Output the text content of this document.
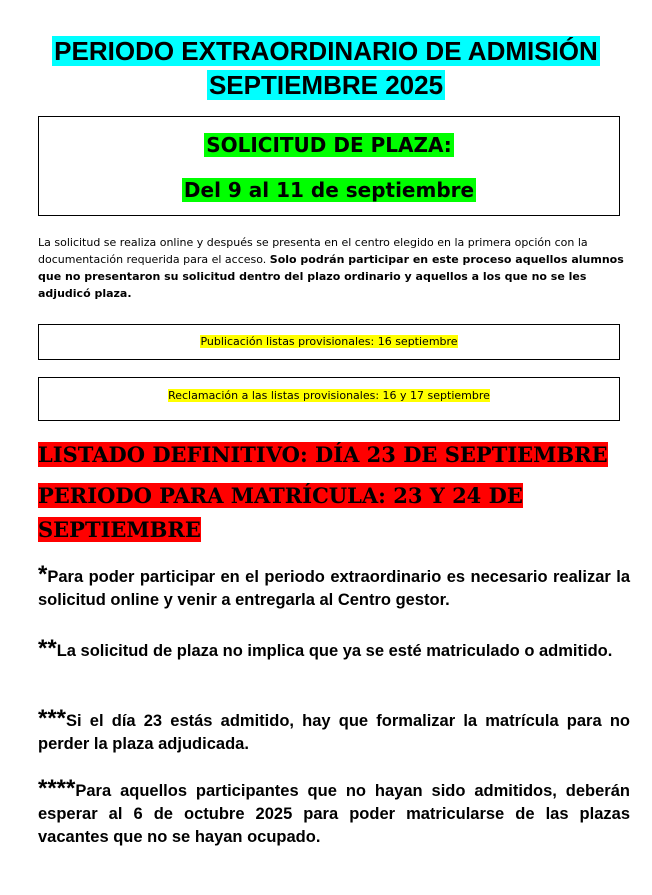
PERIODO EXTRAORDINARIO DE ADMISIÓN
SEPTIEMBRE 2025
SOLICITUD DE PLAZA:
Del 9 al 11 de septiembre
La solicitud se realiza online y después se presenta en el centro elegido en la primera opción con la documentación requerida para el acceso. Solo podrán participar en este proceso aquellos alumnos que no presentaron su solicitud dentro del plazo ordinario y aquellos a los que no se les adjudicó plaza.
Publicación listas provisionales: 16 septiembre
Reclamación a las listas provisionales: 16 y 17 septiembre
LISTADO DEFINITIVO: DÍA 23 DE SEPTIEMBRE
PERIODO PARA MATRÍCULA: 23 Y 24 DE
SEPTIEMBRE
*Para poder participar en el periodo extraordinario es necesario realizar la solicitud online y venir a entregarla al Centro gestor.
**La solicitud de plaza no implica que ya se esté matriculado o admitido.
***Si el día 23 estás admitido, hay que formalizar la matrícula para no perder la plaza adjudicada.
****Para aquellos participantes que no hayan sido admitidos, deberán esperar al 6 de octubre 2025 para poder matricularse de las plazas vacantes que no se hayan ocupado.
